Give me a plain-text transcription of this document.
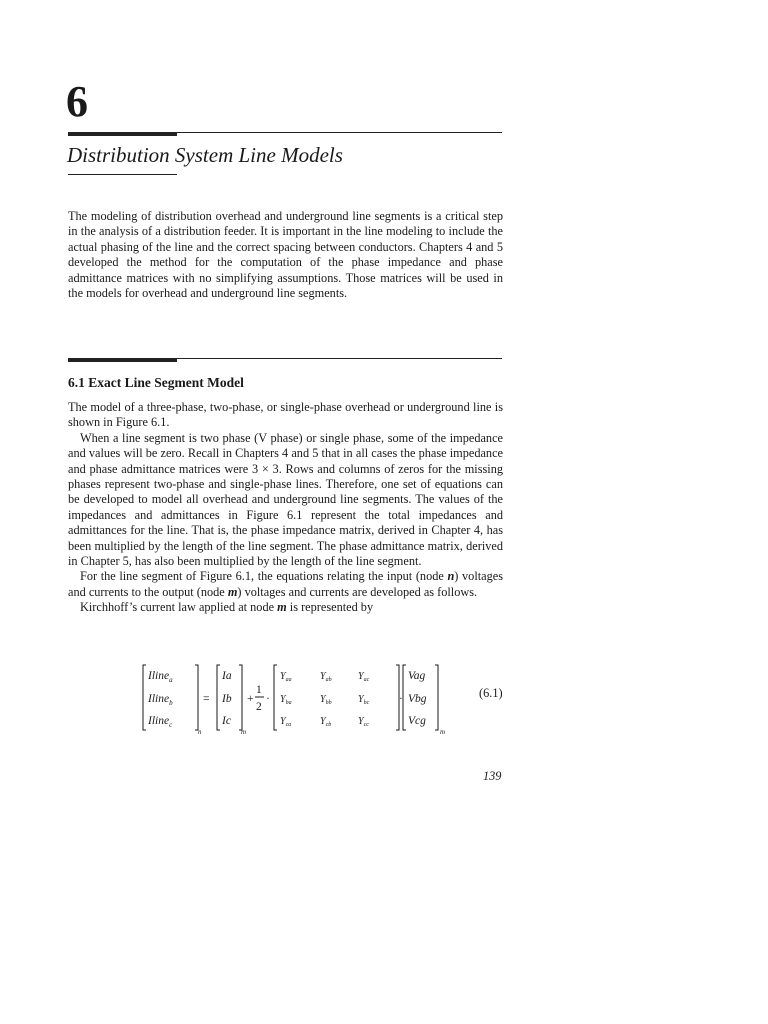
6
Distribution System Line Models

The modeling of distribution overhead and underground line segments is a critical step in the analysis of a distribution feeder. It is important in the line modeling to include the actual phasing of the line and the correct spacing between conductors. Chapters 4 and 5 developed the method for the computation of the phase impedance and phase admittance matrices with no simplifying assumptions. Those matrices will be used in the models for overhead and underground line segments.

6.1 Exact Line Segment Model

The model of a three-phase, two-phase, or single-phase overhead or underground line is shown in Figure 6.1.

When a line segment is two phase (V phase) or single phase, some of the impedance and values will be zero. Recall in Chapters 4 and 5 that in all cases the phase impedance and phase admittance matrices were 3 × 3. Rows and columns of zeros for the missing phases represent two-phase and single-phase lines. Therefore, one set of equations can be developed to model all overhead and underground line segments. The values of the impedances and admittances in Figure 6.1 represent the total impedances and admittances for the line. That is, the phase impedance matrix, derived in Chapter 4, has been multiplied by the length of the line segment. The phase admittance matrix, derived in Chapter 5, has also been multiplied by the length of the line segment.

For the line segment of Figure 6.1, the equations relating the input (node n) voltages and currents to the output (node m) voltages and currents are developed as follows.

Kirchhoff’s current law applied at node m is represented by

Iline$_a$
Iline$_b$
Iline$_c$
n
=
Ia
Ib
Ic
m
+
1
2
·
$Y_{aa}$	$Y_{ab}$	$Y_{ac}$
$Y_{ba}$	$Y_{bb}$	$Y_{bc}$
$Y_{ca}$	$Y_{cb}$	$Y_{cc}$
·
Vag
Vbg
Vcg
m
(6.1)
139
